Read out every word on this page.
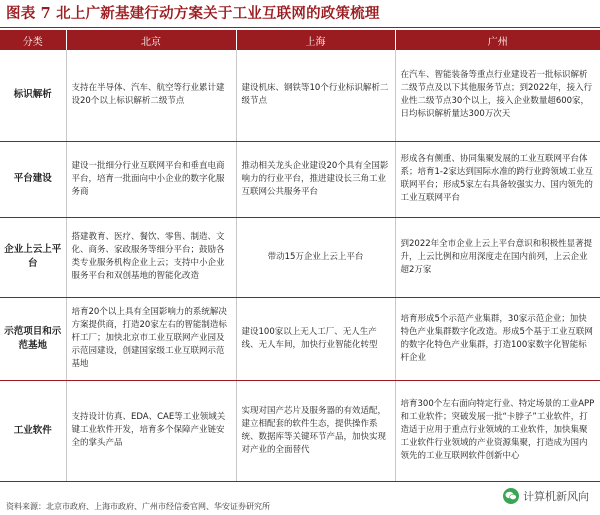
图表 7 北上广新基建行动方案关于工业互联网的政策梳理
分类	北京	上海	广州
标识解析	支持在半导体、汽车、航空等行业累计建设20个以上标识解析二级节点	建设机床、钢铁等10个行业标识解析二级节点	在汽车、智能装备等重点行业建设若一批标识解析二级节点及以下其他服务节点；到2022年，接入行业性二级节点30个以上，接入企业数量超600家，日均标识解析量达300万次天
平台建设	建设一批细分行业互联网平台和垂直电商平台，培育一批面向中小企业的数字化服务商	推动相关龙头企业建设20个具有全国影响力的行业平台，推进建设长三角工业互联网公共服务平台	形成各有侧重、协同集聚发展的工业互联网平台体系；培育1-2家达到国际水准的跨行业跨领域工业互联网平台；形成5家左右具备较强实力、国内领先的工业互联网平台
企业上云上平台	搭建教育、医疗、餐饮、零售、制造、文化、商务、家政服务等细分平台；鼓励各类专业服务机构企业上云；支持中小企业服务平台和双创基地的智能化改造	带动15万企业上云上平台	到2022年全市企业上云上平台意识和积极性显著提升，上云比例和应用深度走在国内前列，上云企业超2万家
示范项目和示范基地	培育20个以上具有全国影响力的系统解决方案提供商，打造20家左右的智能制造标杆工厂；加快北京市工业互联网产业园及示范园建设，创建国家级工业互联网示范基地	建设100家以上无人工厂、无人生产线、无人车间，加快行业智能化转型	培育形成5个示范产业集群，30家示范企业；加快特色产业集群数字化改造。形成5个基于工业互联网的数字化特色产业集群，打造100家数字化智能标杆企业
工业软件	支持设计仿真、EDA、CAE等工业领域关键工业软件开发，培育多个保障产业链安全的掌头产品	实现对国产芯片及服务器的有效适配，建立相配套的软件生态，提供操作系统、数据库等关键环节产品，加快实现对产业的全面替代	培育300个左右面向特定行业、特定场景的工业APP和工业软件；突破发展一批“卡脖子”工业软件，打造适于应用于重点行业领域的工业软件，加快集聚工业软件行业领域的产业资源集聚，打造成为国内领先的工业互联网软件创新中心
资料来源：北京市政府、上海市政府、广州市经信委官网、华安证券研究所
计算机新风向
